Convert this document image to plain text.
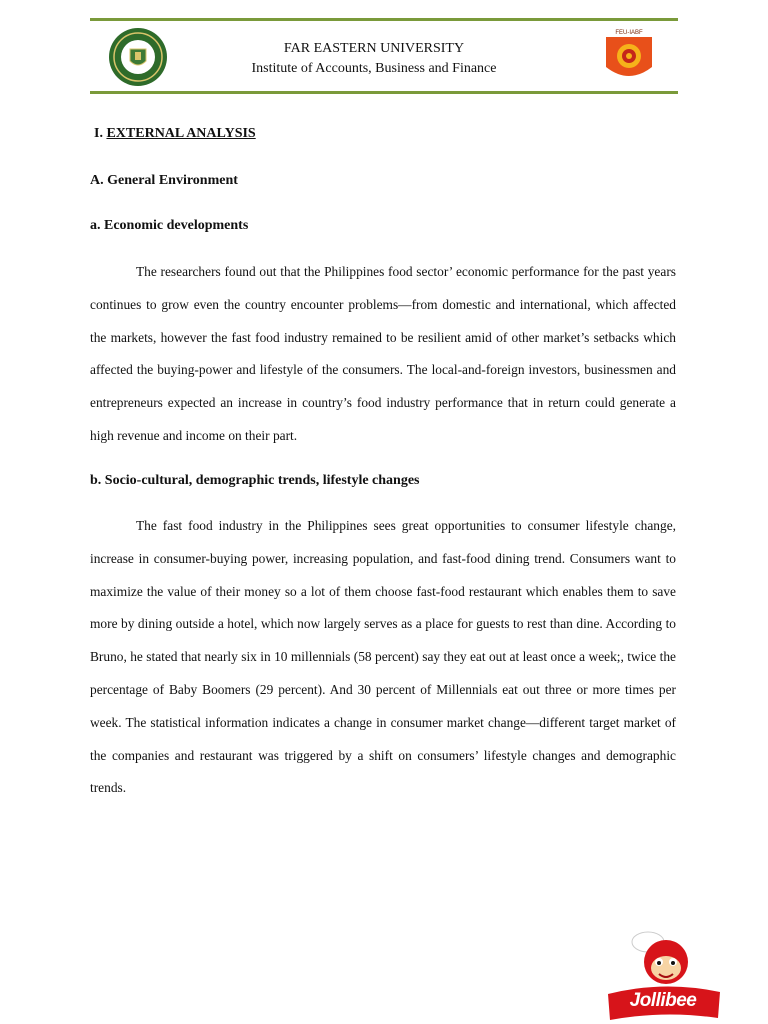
FAR EASTERN UNIVERSITY
Institute of Accounts, Business and Finance
FEU-IABF
I. EXTERNAL ANALYSIS
A. General Environment
a. Economic developments

The researchers found out that the Philippines food sector’ economic performance for the past years continues to grow even the country encounter problems—from domestic and international, which affected the markets, however the fast food industry remained to be resilient amid of other market’s setbacks which affected the buying-power and lifestyle of the consumers. The local-and-foreign investors, businessmen and entrepreneurs expected an increase in country’s food industry performance that in return could generate a high revenue and income on their part.

b. Socio-cultural, demographic trends, lifestyle changes

The fast food industry in the Philippines sees great opportunities to consumer lifestyle change, increase in consumer-buying power, increasing population, and fast-food dining trend. Consumers want to maximize the value of their money so a lot of them choose fast-food restaurant which enables them to save more by dining outside a hotel, which now largely serves as a place for guests to rest than dine. According to Bruno, he stated that nearly six in 10 millennials (58 percent) say they eat out at least once a week;, twice the percentage of Baby Boomers (29 percent). And 30 percent of Millennials eat out three or more times per week. The statistical information indicates a change in consumer market change—different target market of the companies and restaurant was triggered by a shift on consumers’ lifestyle changes and demographic trends.

Jollibee
